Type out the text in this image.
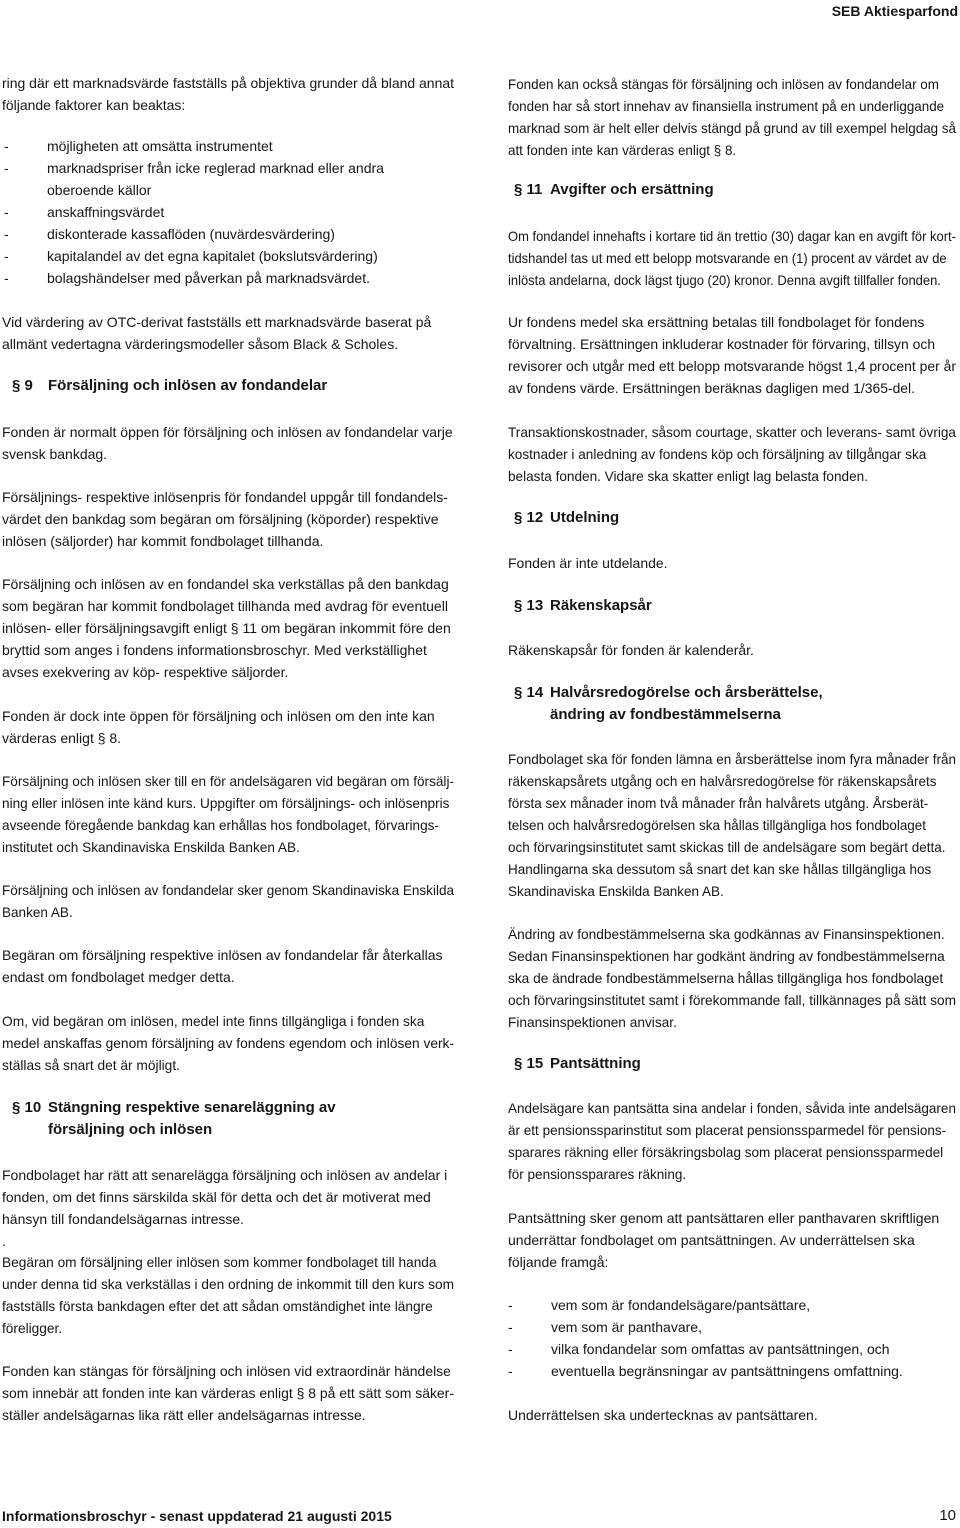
SEB Aktiesparfond
ring där ett marknadsvärde fastställs på objektiva grunder då bland annat
följande faktorer kan beaktas:
-	möjligheten att omsätta instrumentet
-	marknadspriser från icke reglerad marknad eller andra
oberoende källor
-	anskaffningsvärdet
-	diskonterade kassaflöden (nuvärdesvärdering)
-	kapitalandel av det egna kapitalet (bokslutsvärdering)
-	bolagshändelser med påverkan på marknadsvärdet.
Vid värdering av OTC-derivat fastställs ett marknadsvärde baserat på
allmänt vedertagna värderingsmodeller såsom Black & Scholes.
§ 9	Försäljning och inlösen av fondandelar
Fonden är normalt öppen för försäljning och inlösen av fondandelar varje
svensk bankdag.
Försäljnings- respektive inlösenpris för fondandel uppgår till fondandels-
värdet den bankdag som begäran om försäljning (köporder) respektive
inlösen (säljorder) har kommit fondbolaget tillhanda.
Försäljning och inlösen av en fondandel ska verkställas på den bankdag
som begäran har kommit fondbolaget tillhanda med avdrag för eventuell
inlösen- eller försäljningsavgift enligt § 11 om begäran inkommit före den
bryttid som anges i fondens informationsbroschyr. Med verkställighet
avses exekvering av köp- respektive säljorder.
Fonden är dock inte öppen för försäljning och inlösen om den inte kan
värderas enligt § 8.
Försäljning och inlösen sker till en för andelsägaren vid begäran om försälj-
ning eller inlösen inte känd kurs. Uppgifter om försäljnings- och inlösenpris
avseende föregående bankdag kan erhållas hos fondbolaget, förvarings-
institutet och Skandinaviska Enskilda Banken AB.
Försäljning och inlösen av fondandelar sker genom Skandinaviska Enskilda
Banken AB.
Begäran om försäljning respektive inlösen av fondandelar får återkallas
endast om fondbolaget medger detta.
Om, vid begäran om inlösen, medel inte finns tillgängliga i fonden ska
medel anskaffas genom försäljning av fondens egendom och inlösen verk-
ställas så snart det är möjligt.
§ 10 Stängning respektive senareläggning av
försäljning och inlösen
Fondbolaget har rätt att senarelägga försäljning och inlösen av andelar i
fonden, om det finns särskilda skäl för detta och det är motiverat med
hänsyn till fondandelsägarnas intresse.
.
Begäran om försäljning eller inlösen som kommer fondbolaget till handa
under denna tid ska verkställas i den ordning de inkommit till den kurs som
fastställs första bankdagen efter det att sådan omständighet inte längre
föreligger.
Fonden kan stängas för försäljning och inlösen vid extraordinär händelse
som innebär att fonden inte kan värderas enligt § 8 på ett sätt som säker-
ställer andelsägarnas lika rätt eller andelsägarnas intresse.
Fonden kan också stängas för försäljning och inlösen av fondandelar om
fonden har så stort innehav av finansiella instrument på en underliggande
marknad som är helt eller delvis stängd på grund av till exempel helgdag så
att fonden inte kan värderas enligt § 8.
§ 11 Avgifter och ersättning
Om fondandel innehafts i kortare tid än trettio (30) dagar kan en avgift för kort-
tidshandel tas ut med ett belopp motsvarande en (1) procent av värdet av de
inlösta andelarna, dock lägst tjugo (20) kronor. Denna avgift tillfaller fonden.
Ur fondens medel ska ersättning betalas till fondbolaget för fondens
förvaltning. Ersättningen inkluderar kostnader för förvaring, tillsyn och
revisorer och utgår med ett belopp motsvarande högst 1,4 procent per år
av fondens värde. Ersättningen beräknas dagligen med 1/365-del.
Transaktionskostnader, såsom courtage, skatter och leverans- samt övriga
kostnader i anledning av fondens köp och försäljning av tillgångar ska
belasta fonden. Vidare ska skatter enligt lag belasta fonden.
§ 12 Utdelning
Fonden är inte utdelande.
§ 13 Räkenskapsår
Räkenskapsår för fonden är kalenderår.
§ 14 Halvårsredogörelse och årsberättelse,
ändring av fondbestämmelserna
Fondbolaget ska för fonden lämna en årsberättelse inom fyra månader från
räkenskapsårets utgång och en halvårsredogörelse för räkenskapsårets
första sex månader inom två månader från halvårets utgång. Årsberät-
telsen och halvårsredogörelsen ska hållas tillgängliga hos fondbolaget
och förvaringsinstitutet samt skickas till de andelsägare som begärt detta.
Handlingarna ska dessutom så snart det kan ske hållas tillgängliga hos
Skandinaviska Enskilda Banken AB.
Ändring av fondbestämmelserna ska godkännas av Finansinspektionen.
Sedan Finansinspektionen har godkänt ändring av fondbestämmelserna
ska de ändrade fondbestämmelserna hållas tillgängliga hos fondbolaget
och förvaringsinstitutet samt i förekommande fall, tillkännages på sätt som
Finansinspektionen anvisar.
§ 15 Pantsättning
Andelsägare kan pantsätta sina andelar i fonden, såvida inte andelsägaren
är ett pensionssparinstitut som placerat pensionssparmedel för pensions-
sparares räkning eller försäkringsbolag som placerat pensionssparmedel
för pensionssparares räkning.
Pantsättning sker genom att pantsättaren eller panthavaren skriftligen
underrättar fondbolaget om pantsättningen. Av underrättelsen ska
följande framgå:
-	vem som är fondandelsägare/pantsättare,
-	vem som är panthavare,
-	vilka fondandelar som omfattas av pantsättningen, och
-	eventuella begränsningar av pantsättningens omfattning.
Underrättelsen ska undertecknas av pantsättaren.
Informationsbroschyr - senast uppdaterad 21 augusti 2015	10
